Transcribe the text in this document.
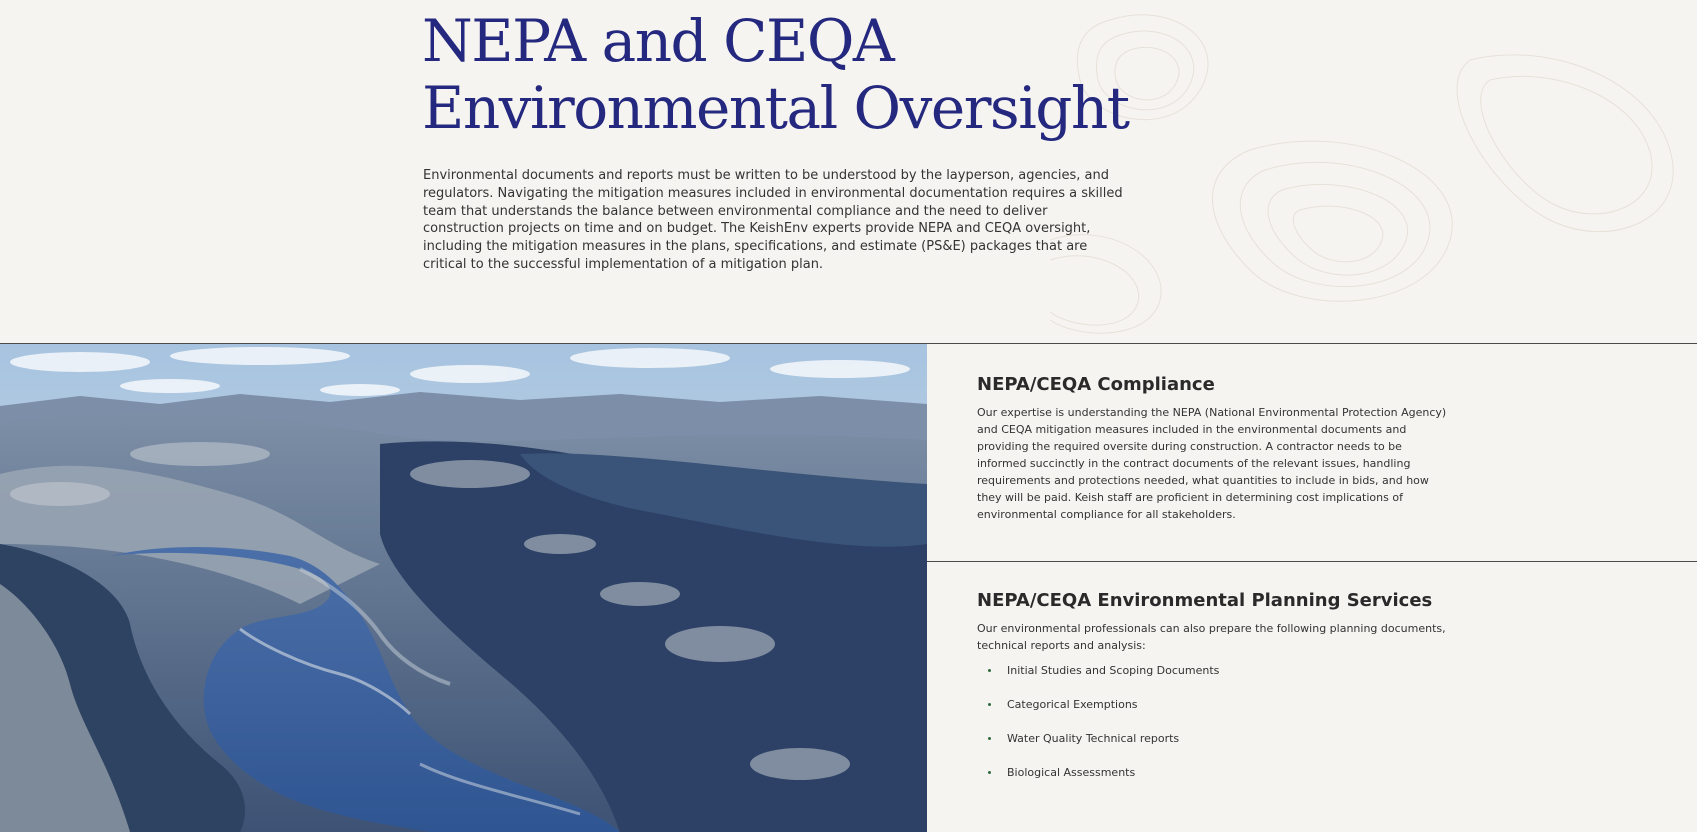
NEPA and CEQA
Environmental Oversight

Environmental documents and reports must be written to be understood by the layperson, agencies, and regulators. Navigating the mitigation measures included in environmental documentation requires a skilled team that understands the balance between environmental compliance and the need to deliver construction projects on time and on budget. The KeishEnv experts provide NEPA and CEQA oversight, including the mitigation measures in the plans, specifications, and estimate (PS&E) packages that are critical to the successful implementation of a mitigation plan.

NEPA/CEQA Compliance

Our expertise is understanding the NEPA (National Environmental Protection Agency) and CEQA mitigation measures included in the environmental documents and providing the required oversite during construction. A contractor needs to be informed succinctly in the contract documents of the relevant issues, handling requirements and protections needed, what quantities to include in bids, and how they will be paid. Keish staff are proficient in determining cost implications of environmental compliance for all stakeholders.

NEPA/CEQA Environmental Planning Services

Our environmental professionals can also prepare the following planning documents, technical reports and analysis:

Initial Studies and Scoping Documents
Categorical Exemptions
Water Quality Technical reports
Biological Assessments
